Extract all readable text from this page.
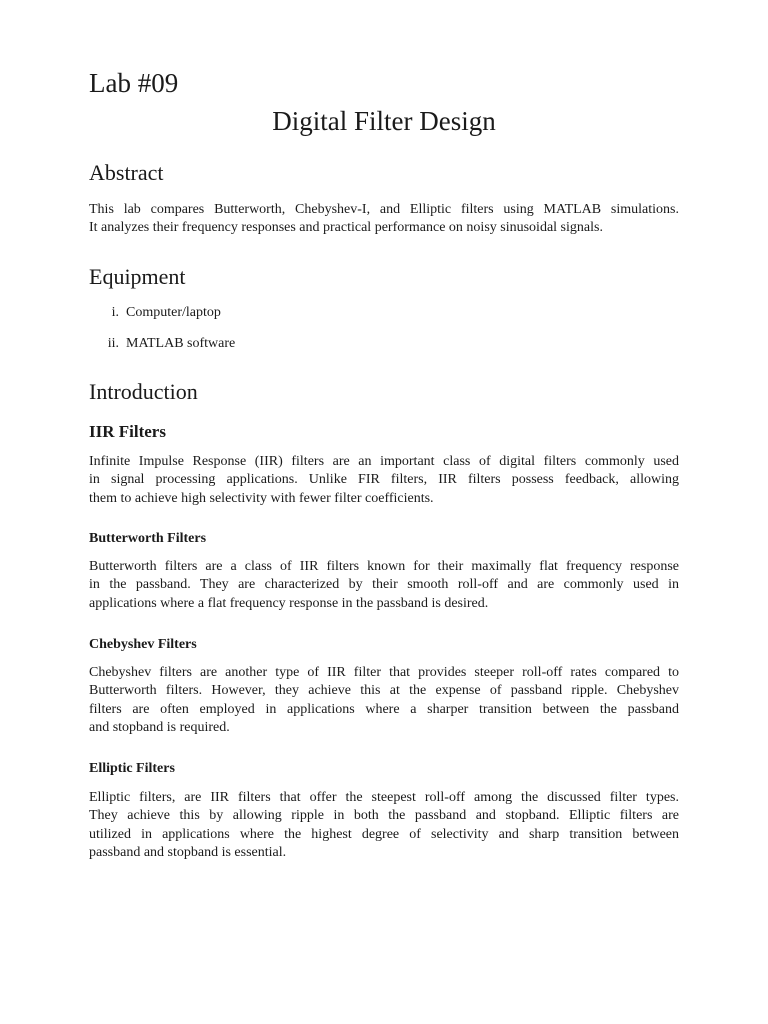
Lab #09
Digital Filter Design
Abstract
This lab compares Butterworth, Chebyshev-I, and Elliptic filters using MATLAB simulations.
It analyzes their frequency responses and practical performance on noisy sinusoidal signals.
Equipment
i. Computer/laptop
ii. MATLAB software
Introduction
IIR Filters
Infinite Impulse Response (IIR) filters are an important class of digital filters commonly used
in signal processing applications. Unlike FIR filters, IIR filters possess feedback, allowing
them to achieve high selectivity with fewer filter coefficients.
Butterworth Filters
Butterworth filters are a class of IIR filters known for their maximally flat frequency response
in the passband. They are characterized by their smooth roll-off and are commonly used in
applications where a flat frequency response in the passband is desired.
Chebyshev Filters
Chebyshev filters are another type of IIR filter that provides steeper roll-off rates compared to
Butterworth filters. However, they achieve this at the expense of passband ripple. Chebyshev
filters are often employed in applications where a sharper transition between the passband
and stopband is required.
Elliptic Filters
Elliptic filters, are IIR filters that offer the steepest roll-off among the discussed filter types.
They achieve this by allowing ripple in both the passband and stopband. Elliptic filters are
utilized in applications where the highest degree of selectivity and sharp transition between
passband and stopband is essential.
